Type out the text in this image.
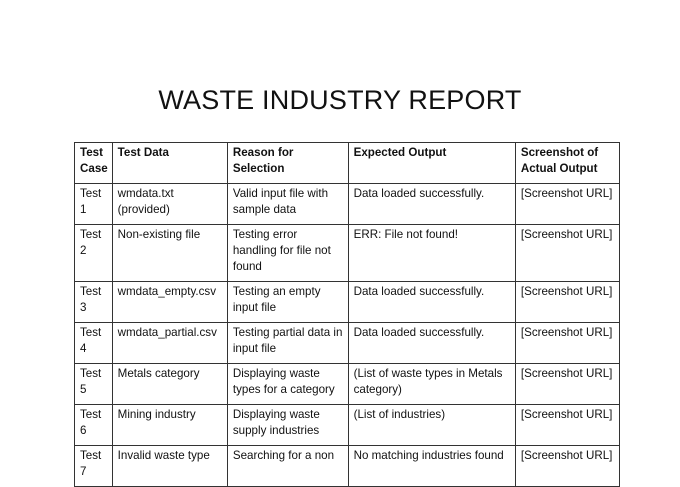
WASTE INDUSTRY REPORT
Test Case	Test Data	Reason for Selection	Expected Output	Screenshot of Actual Output
Test 1	wmdata.txt (provided)	Valid input file with sample data	Data loaded successfully.	[Screenshot URL]
Test 2	Non-existing file	Testing error handling for file not found	ERR: File not found!	[Screenshot URL]
Test 3	wmdata_empty.csv	Testing an empty input file	Data loaded successfully.	[Screenshot URL]
Test 4	wmdata_partial.csv	Testing partial data in input file	Data loaded successfully.	[Screenshot URL]
Test 5	Metals category	Displaying waste types for a category	(List of waste types in Metals category)	[Screenshot URL]
Test 6	Mining industry	Displaying waste supply industries	(List of industries)	[Screenshot URL]
Test 7	Invalid waste type	Searching for a non	No matching industries found	[Screenshot URL]
